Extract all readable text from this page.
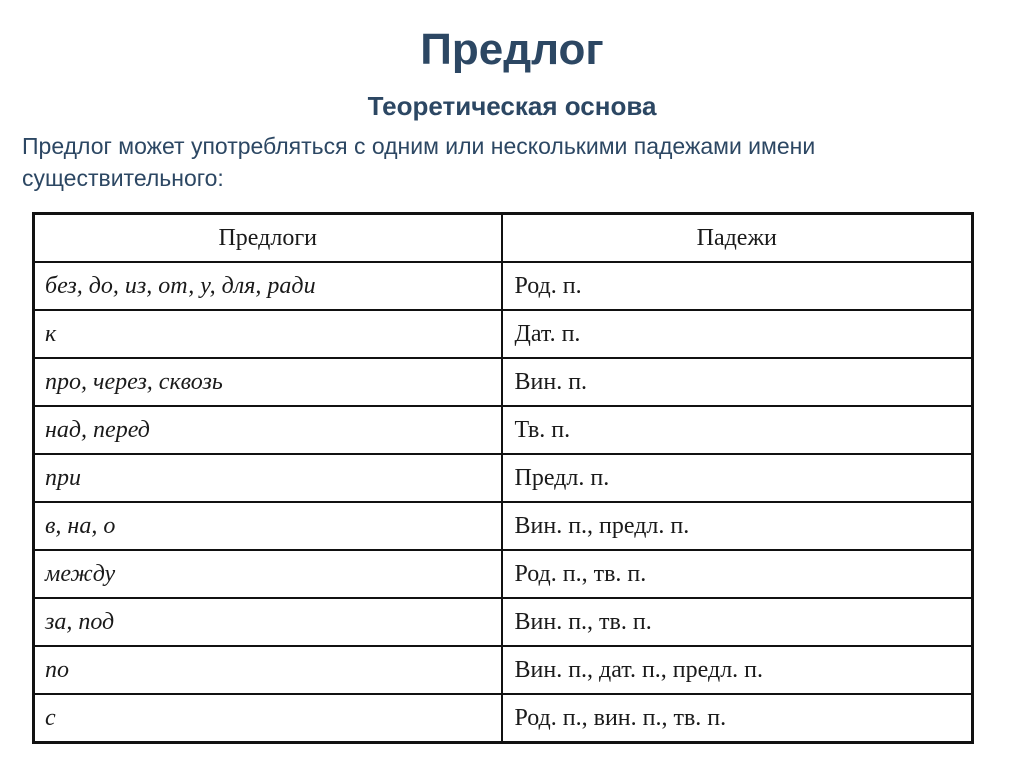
Предлог
Теоретическая основа

Предлог может употребляться с одним или несколькими падежами имени существительного:

Предлоги	Падежи
без, до, из, от, у, для, ради	Род. п.
к	Дат. п.
про, через, сквозь	Вин. п.
над, перед	Тв. п.
при	Предл. п.
в, на, о	Вин. п., предл. п.
между	Род. п., тв. п.
за, под	Вин. п., тв. п.
по	Вин. п., дат. п., предл. п.
с	Род. п., вин. п., тв. п.
